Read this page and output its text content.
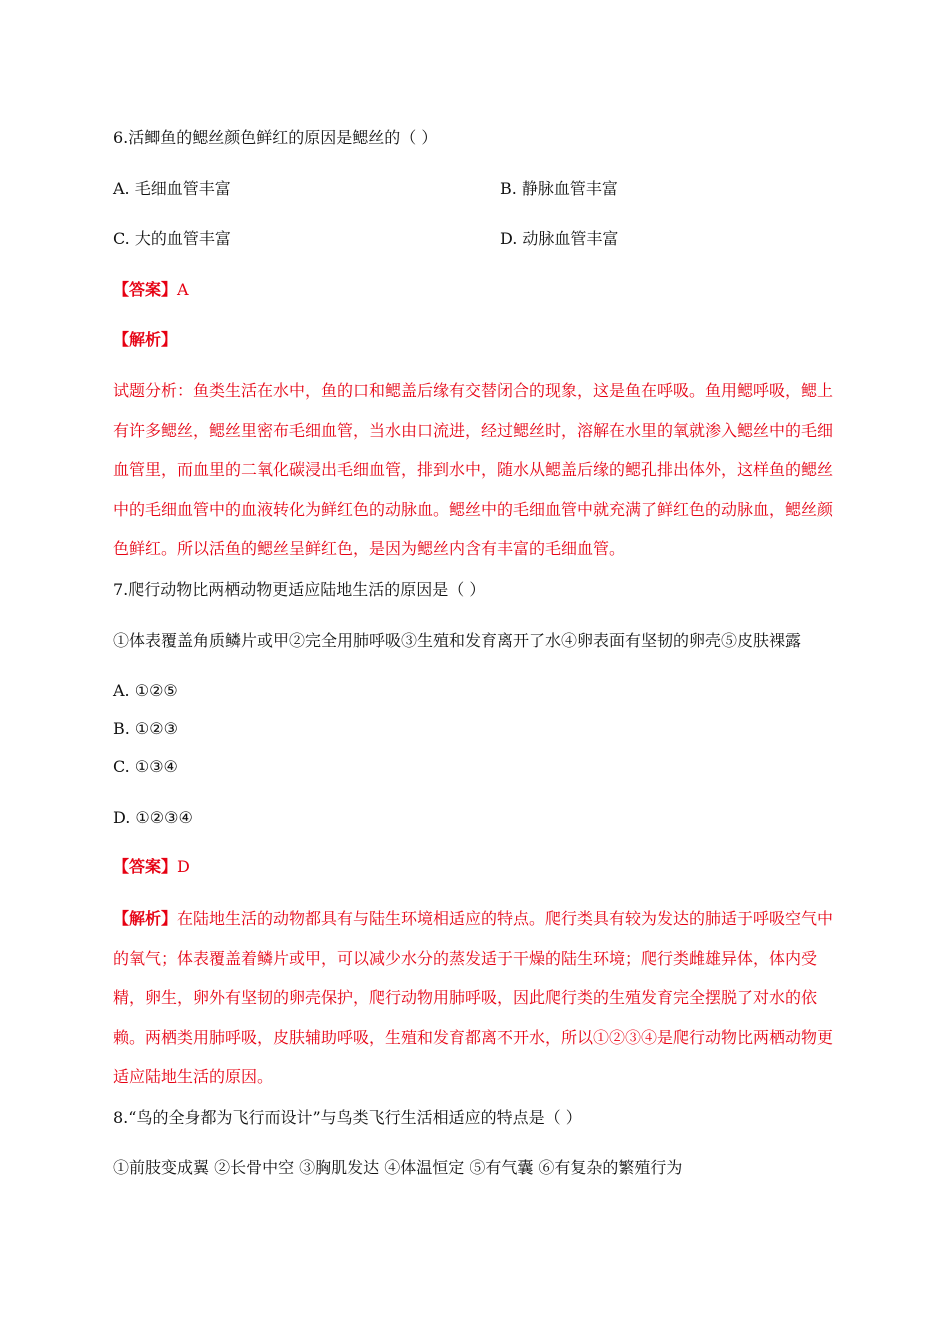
6.活鲫鱼的鳃丝颜色鲜红的原因是鳃丝的（ ）
A. 毛细血管丰富	B. 静脉血管丰富
C. 大的血管丰富	D. 动脉血管丰富
【答案】A
【解析】
试题分析：鱼类生活在水中，鱼的口和鳃盖后缘有交替闭合的现象，这是鱼在呼吸。鱼用鳃呼吸，鳃上有许多鳃丝，鳃丝里密布毛细血管，当水由口流进，经过鳃丝时，溶解在水里的氧就渗入鳃丝中的毛细血管里，而血里的二氧化碳浸出毛细血管，排到水中，随水从鳃盖后缘的鳃孔排出体外，这样鱼的鳃丝中的毛细血管中的血液转化为鲜红色的动脉血。鳃丝中的毛细血管中就充满了鲜红色的动脉血，鳃丝颜色鲜红。所以活鱼的鳃丝呈鲜红色，是因为鳃丝内含有丰富的毛细血管。
7.爬行动物比两栖动物更适应陆地生活的原因是（ ）
①体表覆盖角质鳞片或甲②完全用肺呼吸③生殖和发育离开了水④卵表面有坚韧的卵壳⑤皮肤裸露
A. ①②⑤
B. ①②③
C. ①③④
D. ①②③④
【答案】D
【解析】在陆地生活的动物都具有与陆生环境相适应的特点。爬行类具有较为发达的肺适于呼吸空气中的氧气；体表覆盖着鳞片或甲，可以减少水分的蒸发适于干燥的陆生环境；爬行类雌雄异体，体内受精，卵生，卵外有坚韧的卵壳保护，爬行动物用肺呼吸，因此爬行类的生殖发育完全摆脱了对水的依赖。两栖类用肺呼吸，皮肤辅助呼吸，生殖和发育都离不开水，所以①②③④是爬行动物比两栖动物更适应陆地生活的原因。
8.“鸟的全身都为飞行而设计”与鸟类飞行生活相适应的特点是（ ）
①前肢变成翼 ②长骨中空 ③胸肌发达 ④体温恒定 ⑤有气囊 ⑥有复杂的繁殖行为
